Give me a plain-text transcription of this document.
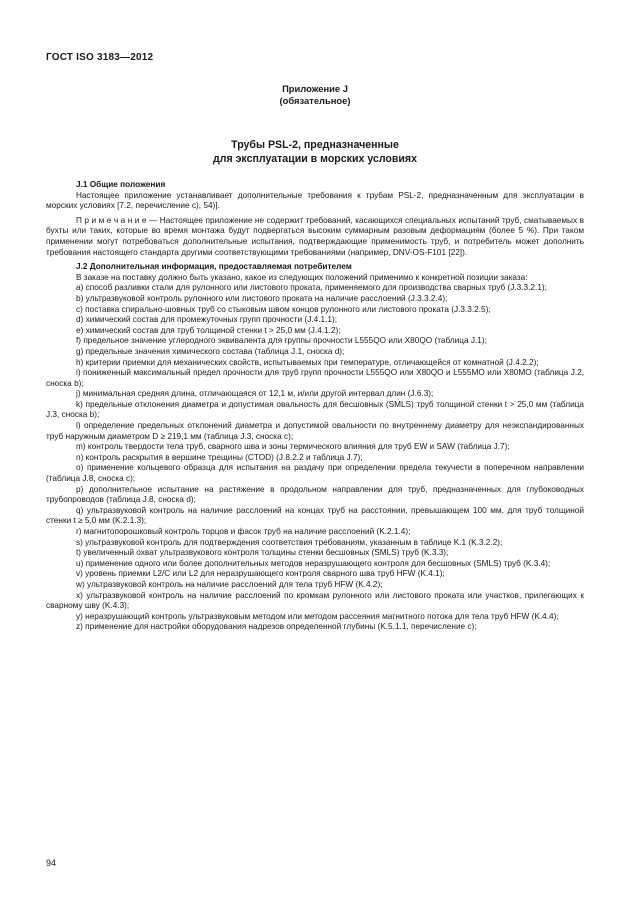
ГОСТ ISO 3183—2012
Приложение J
(обязательное)
Трубы PSL-2, предназначенные
для эксплуатации в морских условиях

J.1 Общие положения

Настоящее приложение устанавливает дополнительные требования к трубам PSL-2, предназначенным для эксплуатации в морских условиях [7.2, перечисление с), 54)].

П р и м е ч а н и е — Настоящее приложение не содержит требований, касающихся специальных испытаний труб, сматываемых в бухты или таких, которые во время монтажа будут подвергаться высоким суммарным разовым деформациям (более 5 %). При таком применении могут потребоваться дополнительные испытания, подтверждающие применимость труб, и потребитель может дополнить требования настоящего стандарта другими соответствующими требованиями (например, DNV-OS-F101 [22]).

J.2 Дополнительная информация, предоставляемая потребителем

В заказе на поставку должно быть указано, какое из следующих положений применимо к конкретной позиции заказа:

a) способ разливки стали для рулонного или листового проката, применяемого для производства сварных труб (J.3.3.2.1);

b) ультразвуковой контроль рулонного или листового проката на наличие расслоений (J.3.3.2.4);

c) поставка спирально-шовных труб со стыковым швом концов рулонного или листового проката (J.3.3.2.5);

d) химический состав для промежуточных групп прочности (J.4.1.1);

e) химический состав для труб толщиной стенки t > 25,0 мм (J.4.1.2);

f) предельное значение углеродного эквивалента для группы прочности L555QO или X80QO (таблица J.1);

g) предельные значения химического состава (таблица J.1, сноска d);

h) критерии приемки для механических свойств, испытываемых при температуре, отличающейся от комнатной (J.4.2.2);

i) пониженный максимальный предел прочности для труб групп прочности L555QO или X80QO и L555MO или X80MO (таблица J.2, сноска b);

j) минимальная средняя длина, отличающаяся от 12,1 м, и/или другой интервал длин (J.6.3);

k) предельные отклонения диаметра и допустимая овальность для бесшовных (SMLS) труб толщиной стенки t > 25,0 мм (таблица J.3, сноска b);

l) определение предельных отклонений диаметра и допустимой овальности по внутреннему диаметру для неэкспандированных труб наружным диаметром D ≥ 219,1 мм (таблица J.3, сноска c);

m) контроль твердости тела труб, сварного шва и зоны термического влияния для труб EW и SAW (таблица J.7);

n) контроль раскрытия в вершине трещины (CTOD) (J.8.2.2 и таблица J.7);

o) применение кольцевого образца для испытания на раздачу при определении предела текучести в поперечном направлении (таблица J.8, сноска c);

p) дополнительное испытание на растяжение в продольном направлении для труб, предназначенных для глубоководных трубопроводов (таблица J.8, сноска d);

q) ультразвуковой контроль на наличие расслоений на концах труб на расстоянии, превышающем 100 мм, для труб толщиной стенки t ≥ 5,0 мм (K.2.1.3);

r) магнитопорошковый контроль торцов и фасок труб на наличие расслоений (K.2.1.4);

s) ультразвуковой контроль для подтверждения соответствия требованиям, указанным в таблице K.1 (K.3.2.2);

t) увеличенный охват ультразвукового контроля толщины стенки бесшовных (SMLS) труб (K.3.3);

u) применение одного или более дополнительных методов неразрушающего контроля для бесшовных (SMLS) труб (K.3.4);

v) уровень приемки L2/C или L2 для неразрушающего контроля сварного шва труб HFW (K.4.1);

w) ультразвуковой контроль на наличие расслоений для тела труб HFW (K.4.2);

x) ультразвуковой контроль на наличие расслоений по кромкам рулонного или листового проката или участков, прилегающих к сварному шву (K.4.3);

y) неразрушающий контроль ультразвуковым методом или методом рассеяния магнитного потока для тела труб HFW (K.4.4);

z) применение для настройки оборудования надрезов определенной глубины (K.5.1.1, перечисление c);

94
